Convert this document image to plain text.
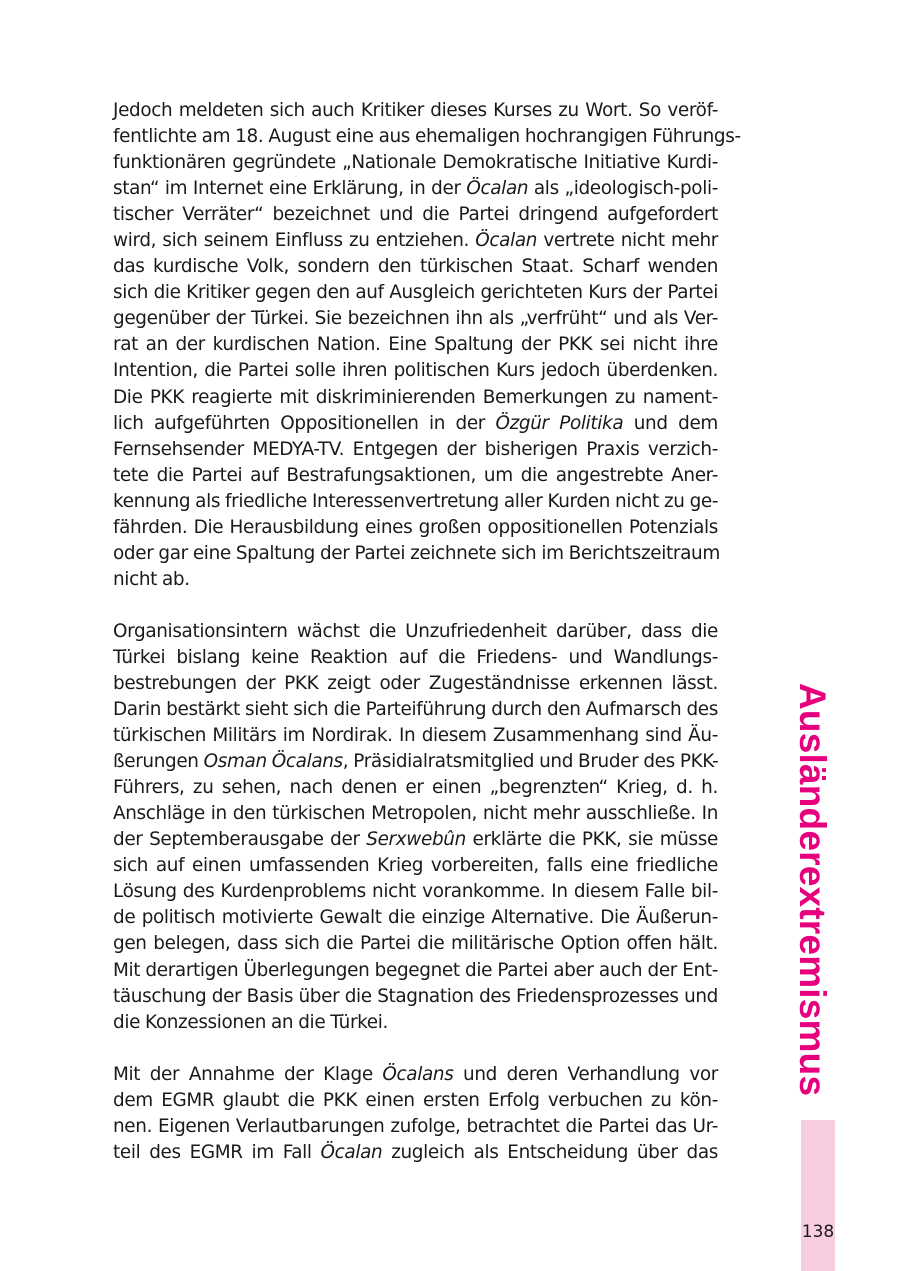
Jedoch meldeten sich auch Kritiker dieses Kurses zu Wort. So veröf-
fentlichte am 18. August eine aus ehemaligen hochrangigen Führungs-
funktionären gegründete „Nationale Demokratische Initiative Kurdi-
stan“ im Internet eine Erklärung, in der Öcalan als „ideologisch-poli-
tischer Verräter“ bezeichnet und die Partei dringend aufgefordert
wird, sich seinem Einfluss zu entziehen. Öcalan vertrete nicht mehr
das kurdische Volk, sondern den türkischen Staat. Scharf wenden
sich die Kritiker gegen den auf Ausgleich gerichteten Kurs der Partei
gegenüber der Türkei. Sie bezeichnen ihn als „verfrüht“ und als Ver-
rat an der kurdischen Nation. Eine Spaltung der PKK sei nicht ihre
Intention, die Partei solle ihren politischen Kurs jedoch überdenken.
Die PKK reagierte mit diskriminierenden Bemerkungen zu nament-
lich aufgeführten Oppositionellen in der Özgür Politika und dem
Fernsehsender MEDYA-TV. Entgegen der bisherigen Praxis verzich-
tete die Partei auf Bestrafungsaktionen, um die angestrebte Aner-
kennung als friedliche Interessenvertretung aller Kurden nicht zu ge-
fährden. Die Herausbildung eines großen oppositionellen Potenzials
oder gar eine Spaltung der Partei zeichnete sich im Berichtszeitraum
nicht ab.
Organisationsintern wächst die Unzufriedenheit darüber, dass die
Türkei bislang keine Reaktion auf die Friedens- und Wandlungs-
bestrebungen der PKK zeigt oder Zugeständnisse erkennen lässt.
Darin bestärkt sieht sich die Parteiführung durch den Aufmarsch des
türkischen Militärs im Nordirak. In diesem Zusammenhang sind Äu-
ßerungen Osman Öcalans, Präsidialratsmitglied und Bruder des PKK-
Führers, zu sehen, nach denen er einen „begrenzten“ Krieg, d. h.
Anschläge in den türkischen Metropolen, nicht mehr ausschließe. In
der Septemberausgabe der Serxwebûn erklärte die PKK, sie müsse
sich auf einen umfassenden Krieg vorbereiten, falls eine friedliche
Lösung des Kurdenproblems nicht vorankomme. In diesem Falle bil-
de politisch motivierte Gewalt die einzige Alternative. Die Äußerun-
gen belegen, dass sich die Partei die militärische Option offen hält.
Mit derartigen Überlegungen begegnet die Partei aber auch der Ent-
täuschung der Basis über die Stagnation des Friedensprozesses und
die Konzessionen an die Türkei.
Mit der Annahme der Klage Öcalans und deren Verhandlung vor
dem EGMR glaubt die PKK einen ersten Erfolg verbuchen zu kön-
nen. Eigenen Verlautbarungen zufolge, betrachtet die Partei das Ur-
teil des EGMR im Fall Öcalan zugleich als Entscheidung über das
Ausländerextremismus
138
